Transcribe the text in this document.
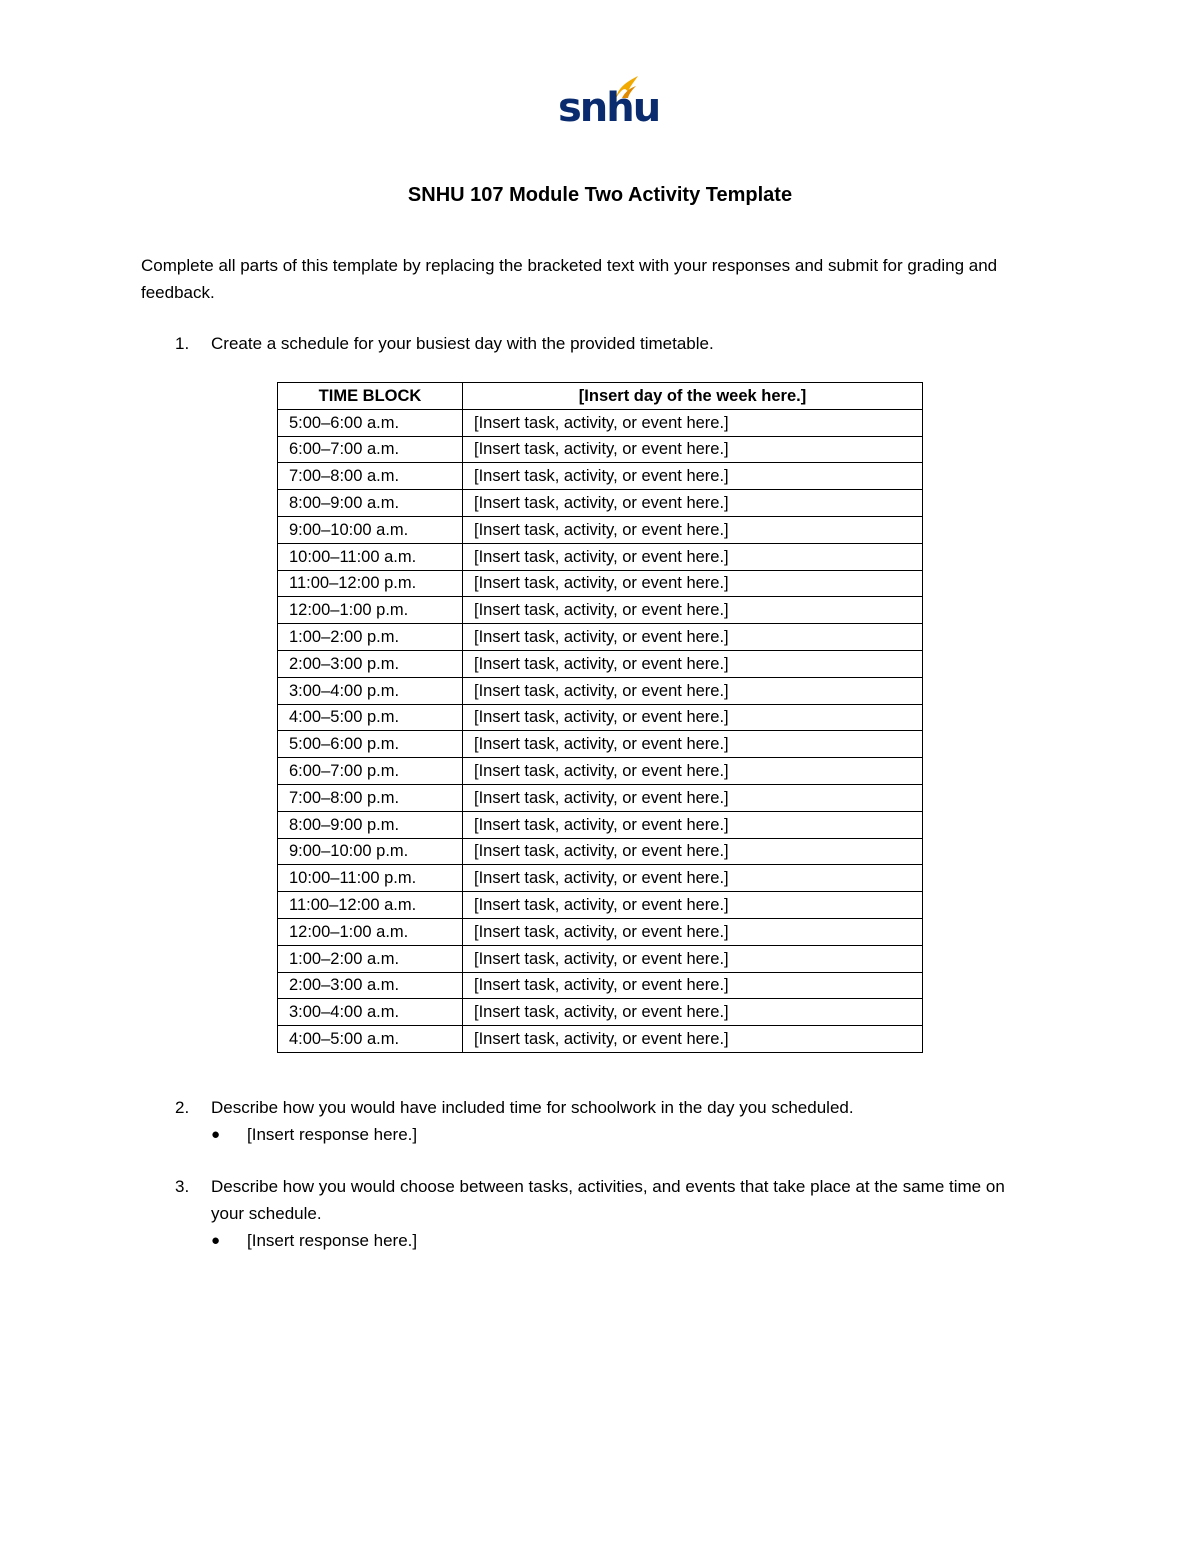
snhu
SNHU 107 Module Two Activity Template

Complete all parts of this template by replacing the bracketed text with your responses and submit for grading and feedback.

1. Create a schedule for your busiest day with the provided timetable.
TIME BLOCK	[Insert day of the week here.]
5:00–6:00 a.m.	[Insert task, activity, or event here.]
6:00–7:00 a.m.	[Insert task, activity, or event here.]
7:00–8:00 a.m.	[Insert task, activity, or event here.]
8:00–9:00 a.m.	[Insert task, activity, or event here.]
9:00–10:00 a.m.	[Insert task, activity, or event here.]
10:00–11:00 a.m.	[Insert task, activity, or event here.]
11:00–12:00 p.m.	[Insert task, activity, or event here.]
12:00–1:00 p.m.	[Insert task, activity, or event here.]
1:00–2:00 p.m.	[Insert task, activity, or event here.]
2:00–3:00 p.m.	[Insert task, activity, or event here.]
3:00–4:00 p.m.	[Insert task, activity, or event here.]
4:00–5:00 p.m.	[Insert task, activity, or event here.]
5:00–6:00 p.m.	[Insert task, activity, or event here.]
6:00–7:00 p.m.	[Insert task, activity, or event here.]
7:00–8:00 p.m.	[Insert task, activity, or event here.]
8:00–9:00 p.m.	[Insert task, activity, or event here.]
9:00–10:00 p.m.	[Insert task, activity, or event here.]
10:00–11:00 p.m.	[Insert task, activity, or event here.]
11:00–12:00 a.m.	[Insert task, activity, or event here.]
12:00–1:00 a.m.	[Insert task, activity, or event here.]
1:00–2:00 a.m.	[Insert task, activity, or event here.]
2:00–3:00 a.m.	[Insert task, activity, or event here.]
3:00–4:00 a.m.	[Insert task, activity, or event here.]
4:00–5:00 a.m.	[Insert task, activity, or event here.]
2. Describe how you would have included time for schoolwork in the day you scheduled.
● [Insert response here.]
3. Describe how you would choose between tasks, activities, and events that take place at the same time on your schedule.
● [Insert response here.]
